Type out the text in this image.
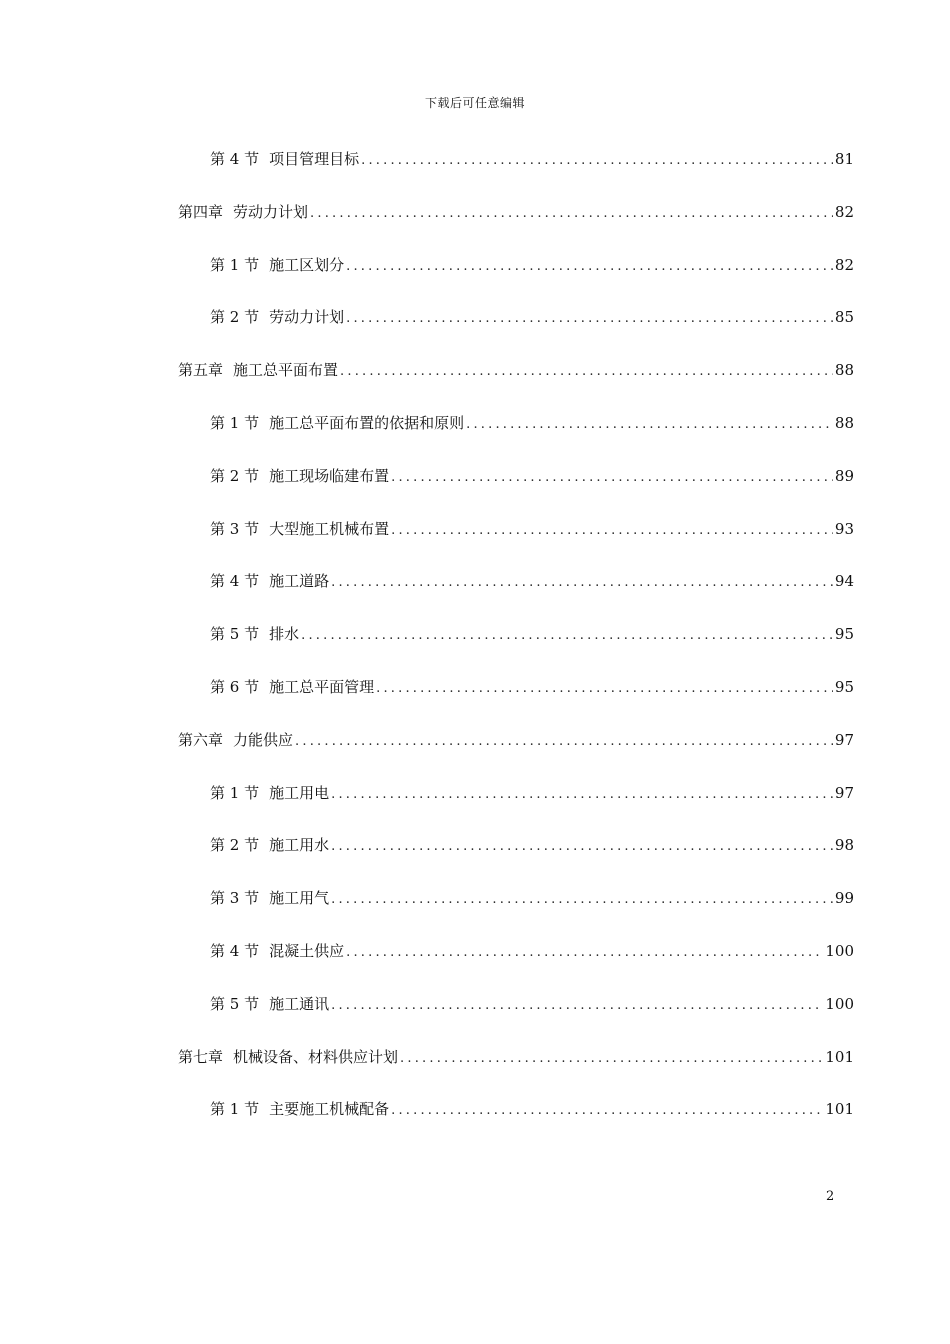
下载后可任意编辑
第 4 节 项目管理目标 .....	81
第四章 劳动力计划 .....	82
第 1 节 施工区划分 .....	82
第 2 节 劳动力计划 .....	85
第五章 施工总平面布置 .....	88
第 1 节 施工总平面布置的依据和原则 .....	88
第 2 节 施工现场临建布置 .....	89
第 3 节 大型施工机械布置 .....	93
第 4 节 施工道路 .....	94
第 5 节 排水 .....	95
第 6 节 施工总平面管理 .....	95
第六章 力能供应 .....	97
第 1 节 施工用电 .....	97
第 2 节 施工用水 .....	98
第 3 节 施工用气 .....	99
第 4 节 混凝土供应 .....	100
第 5 节 施工通讯 .....	100
第七章 机械设备、材料供应计划 .....	101
第 1 节 主要施工机械配备 .....	101
2
